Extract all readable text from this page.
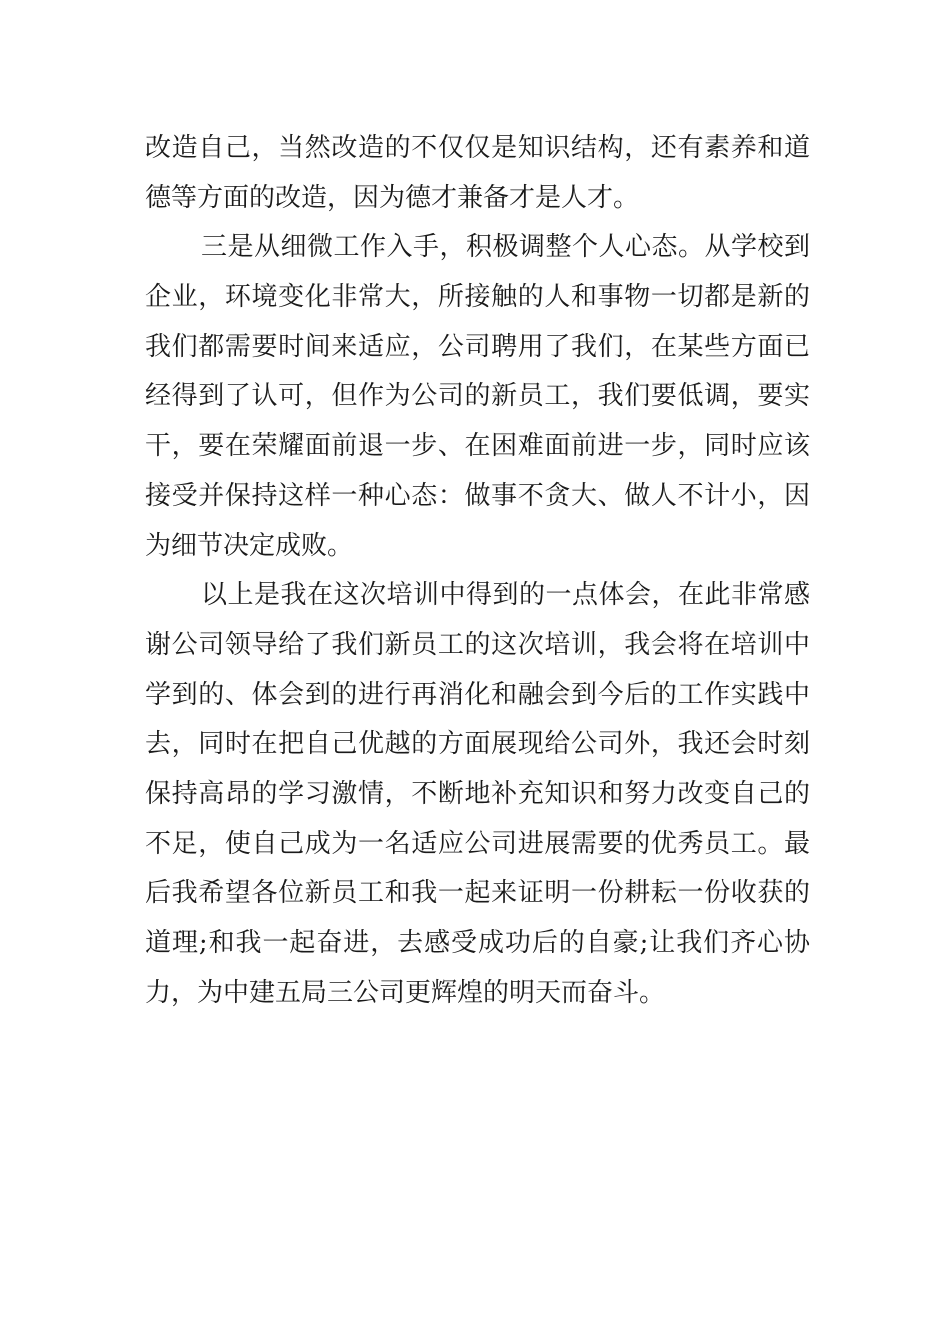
改造自己，当然改造的不仅仅是知识结构，还有素养和道
德等方面的改造，因为德才兼备才是人才。
三是从细微工作入手，积极调整个人心态。从学校到
企业，环境变化非常大，所接触的人和事物一切都是新的
我们都需要时间来适应，公司聘用了我们，在某些方面已
经得到了认可，但作为公司的新员工，我们要低调，要实
干，要在荣耀面前退一步、在困难面前进一步，同时应该
接受并保持这样一种心态：做事不贪大、做人不计小，因
为细节决定成败。
以上是我在这次培训中得到的一点体会，在此非常感
谢公司领导给了我们新员工的这次培训，我会将在培训中
学到的、体会到的进行再消化和融会到今后的工作实践中
去，同时在把自己优越的方面展现给公司外，我还会时刻
保持高昂的学习激情，不断地补充知识和努力改变自己的
不足，使自己成为一名适应公司进展需要的优秀员工。最
后我希望各位新员工和我一起来证明一份耕耘一份收获的
道理;和我一起奋进，去感受成功后的自豪;让我们齐心协
力，为中建五局三公司更辉煌的明天而奋斗。
